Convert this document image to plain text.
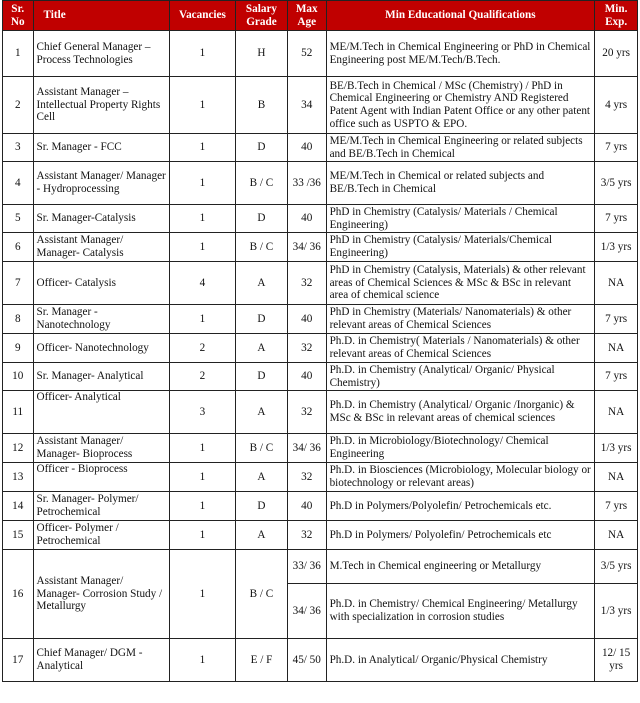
Sr. No	Title	Vacancies	Salary Grade	Max Age	Min Educational Qualifications	Min. Exp.
1	Chief General Manager – Process Technologies	1	H	52	ME/M.Tech in Chemical Engineering or PhD in Chemical Engineering post ME/M.Tech/B.Tech.	20 yrs
2	Assistant Manager – Intellectual Property Rights Cell	1	B	34	BE/B.Tech in Chemical / MSc (Chemistry) / PhD in Chemical Engineering or Chemistry AND Registered Patent Agent with Indian Patent Office or any other patent office such as USPTO & EPO.	4 yrs
3	Sr. Manager - FCC	1	D	40	ME/M.Tech in Chemical Engineering or related subjects and BE/B.Tech in Chemical	7 yrs
4	Assistant Manager/ Manager - Hydroprocessing	1	B / C	33 /36	ME/M.Tech in Chemical or related subjects and BE/B.Tech in Chemical	3/5 yrs
5	Sr. Manager-Catalysis	1	D	40	PhD in Chemistry (Catalysis/ Materials / Chemical Engineering)	7 yrs
6	Assistant Manager/ Manager- Catalysis	1	B / C	34/ 36	PhD in Chemistry (Catalysis/ Materials/Chemical Engineering)	1/3 yrs
7	Officer- Catalysis	4	A	32	PhD in Chemistry (Catalysis, Materials) & other relevant areas of Chemical Sciences & MSc & BSc in relevant area of chemical science	NA
8	Sr. Manager - Nanotechnology	1	D	40	PhD in Chemistry (Materials/ Nanomaterials) & other relevant areas of Chemical Sciences	7 yrs
9	Officer- Nanotechnology	2	A	32	Ph.D. in Chemistry( Materials / Nanomaterials) & other relevant areas of Chemical Sciences	NA
10	Sr. Manager- Analytical	2	D	40	Ph.D. in Chemistry (Analytical/ Organic/ Physical Chemistry)	7 yrs
11	Officer- Analytical	3	A	32	Ph.D. in Chemistry (Analytical/ Organic /Inorganic) & MSc & BSc in relevant areas of chemical sciences	NA
12	Assistant Manager/ Manager- Bioprocess	1	B / C	34/ 36	Ph.D. in Microbiology/Biotechnology/ Chemical Engineering	1/3 yrs
13	Officer - Bioprocess	1	A	32	Ph.D. in Biosciences (Microbiology, Molecular biology or biotechnology or relevant areas)	NA
14	Sr. Manager- Polymer/ Petrochemical	1	D	40	Ph.D in Polymers/Polyolefin/ Petrochemicals etc.	7 yrs
15	Officer- Polymer / Petrochemical	1	A	32	Ph.D in Polymers/ Polyolefin/ Petrochemicals etc	NA
16	Assistant Manager/ Manager- Corrosion Study / Metallurgy	1	B / C	33/ 36	M.Tech in Chemical engineering or Metallurgy	3/5 yrs
				34/ 36	Ph.D. in Chemistry/ Chemical Engineering/ Metallurgy with specialization in corrosion studies	1/3 yrs
17	Chief Manager/ DGM - Analytical	1	E / F	45/ 50	Ph.D. in Analytical/ Organic/Physical Chemistry	12/ 15 yrs
